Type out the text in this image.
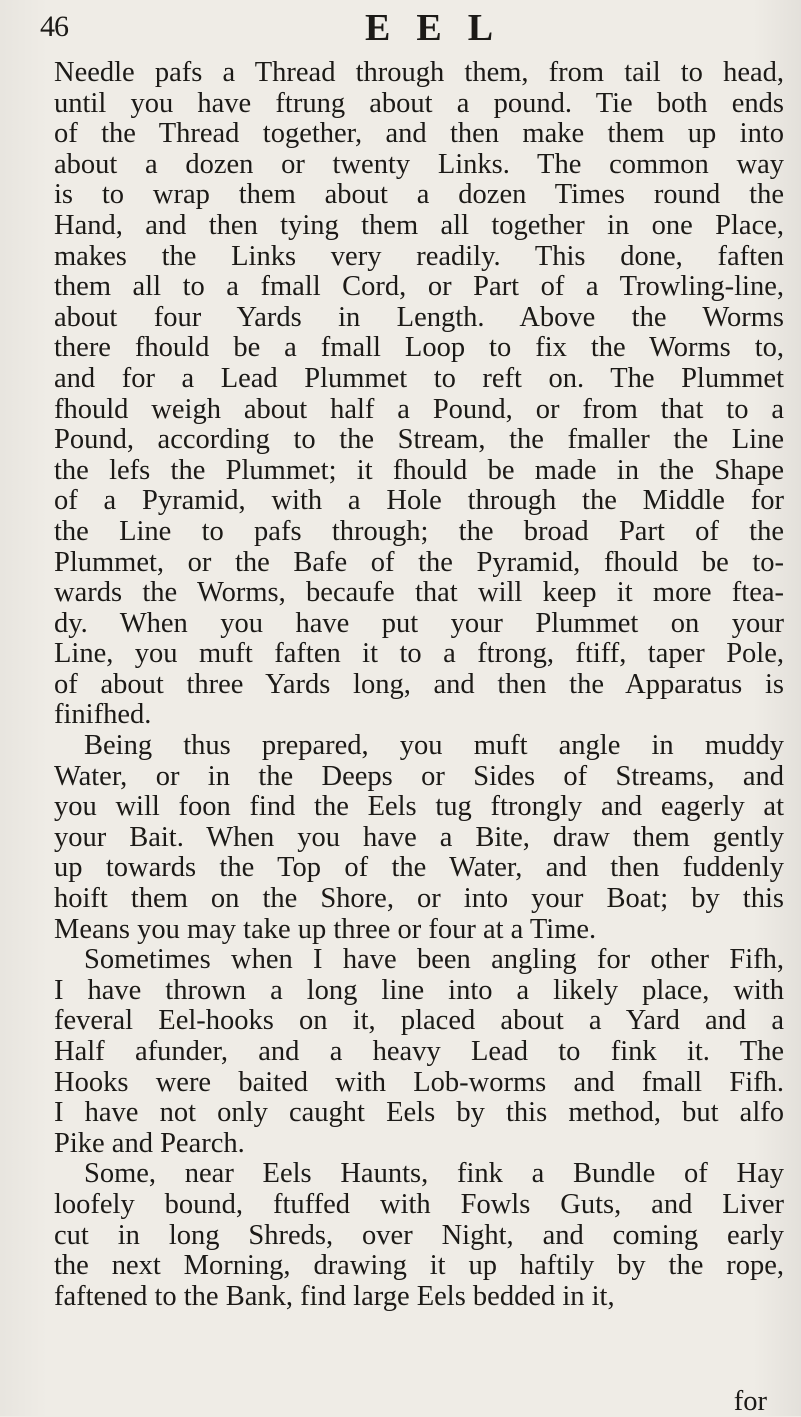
46	EEL
Needle pafs a Thread through them, from tail to head,
until you have ftrung about a pound. Tie both ends
of the Thread together, and then make them up into
about a dozen or twenty Links. The common way
is to wrap them about a dozen Times round the
Hand, and then tying them all together in one Place,
makes the Links very readily. This done, faften
them all to a fmall Cord, or Part of a Trowling-line,
about four Yards in Length. Above the Worms
there fhould be a fmall Loop to fix the Worms to,
and for a Lead Plummet to reft on. The Plummet
fhould weigh about half a Pound, or from that to a
Pound, according to the Stream, the fmaller the Line
the lefs the Plummet; it fhould be made in the Shape
of a Pyramid, with a Hole through the Middle for
the Line to pafs through; the broad Part of the
Plummet, or the Bafe of the Pyramid, fhould be to-
wards the Worms, becaufe that will keep it more ftea-
dy. When you have put your Plummet on your
Line, you muft faften it to a ftrong, ftiff, taper Pole,
of about three Yards long, and then the Apparatus is
finifhed.
Being thus prepared, you muft angle in muddy
Water, or in the Deeps or Sides of Streams, and
you will foon find the Eels tug ftrongly and eagerly at
your Bait. When you have a Bite, draw them gently
up towards the Top of the Water, and then fuddenly
hoift them on the Shore, or into your Boat; by this
Means you may take up three or four at a Time.
Sometimes when I have been angling for other Fifh,
I have thrown a long line into a likely place, with
feveral Eel-hooks on it, placed about a Yard and a
Half afunder, and a heavy Lead to fink it. The
Hooks were baited with Lob-worms and fmall Fifh.
I have not only caught Eels by this method, but alfo
Pike and Pearch.
Some, near Eels Haunts, fink a Bundle of Hay
loofely bound, ftuffed with Fowls Guts, and Liver
cut in long Shreds, over Night, and coming early
the next Morning, drawing it up haftily by the rope,
faftened to the Bank, find large Eels bedded in it,
for
